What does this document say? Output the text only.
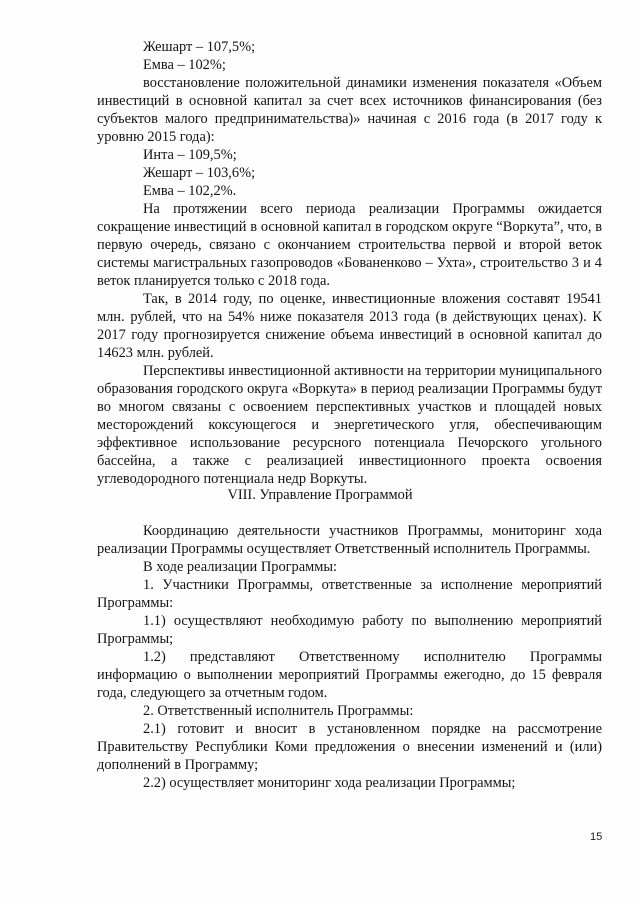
Жешарт – 107,5%;

Емва – 102%;

восстановление положительной динамики изменения показателя «Объем инвестиций в основной капитал за счет всех источников финансирования (без субъектов малого предпринимательства)» начиная с 2016 года (в 2017 году к уровню 2015 года):

Инта – 109,5%;

Жешарт – 103,6%;

Емва – 102,2%.

На протяжении всего периода реализации Программы ожидается сокращение инвестиций в основной капитал в городском округе “Воркута”, что, в первую очередь, связано с окончанием строительства первой и второй веток системы магистральных газопроводов «Бованенково – Ухта», строительство 3 и 4 веток планируется только с 2018 года.

Так, в 2014 году, по оценке, инвестиционные вложения составят 19541 млн. рублей, что на 54% ниже показателя 2013 года (в действующих ценах). К 2017 году прогнозируется снижение объема инвестиций в основной капитал до 14623 млн. рублей.

Перспективы инвестиционной активности на территории муниципального образования городского округа «Воркута» в период реализации Программы будут во многом связаны с освоением перспективных участков и площадей новых месторождений коксующегося и энергетического угля, обеспечивающим эффективное использование ресурсного потенциала Печорского угольного бассейна, а также с реализацией инвестиционного проекта освоения углеводородного потенциала недр Воркуты.

VIII. Управление Программой

Координацию деятельности участников Программы, мониторинг хода реализации Программы осуществляет Ответственный исполнитель Программы.

В ходе реализации Программы:

1. Участники Программы, ответственные за исполнение мероприятий Программы:

1.1) осуществляют необходимую работу по выполнению мероприятий Программы;

1.2) представляют Ответственному исполнителю Программы информацию о выполнении мероприятий Программы ежегодно, до 15 февраля года, следующего за отчетным годом.

2. Ответственный исполнитель Программы:

2.1) готовит и вносит в установленном порядке на рассмотрение Правительству Республики Коми предложения о внесении изменений и (или) дополнений в Программу;

2.2) осуществляет мониторинг хода реализации Программы;

15
